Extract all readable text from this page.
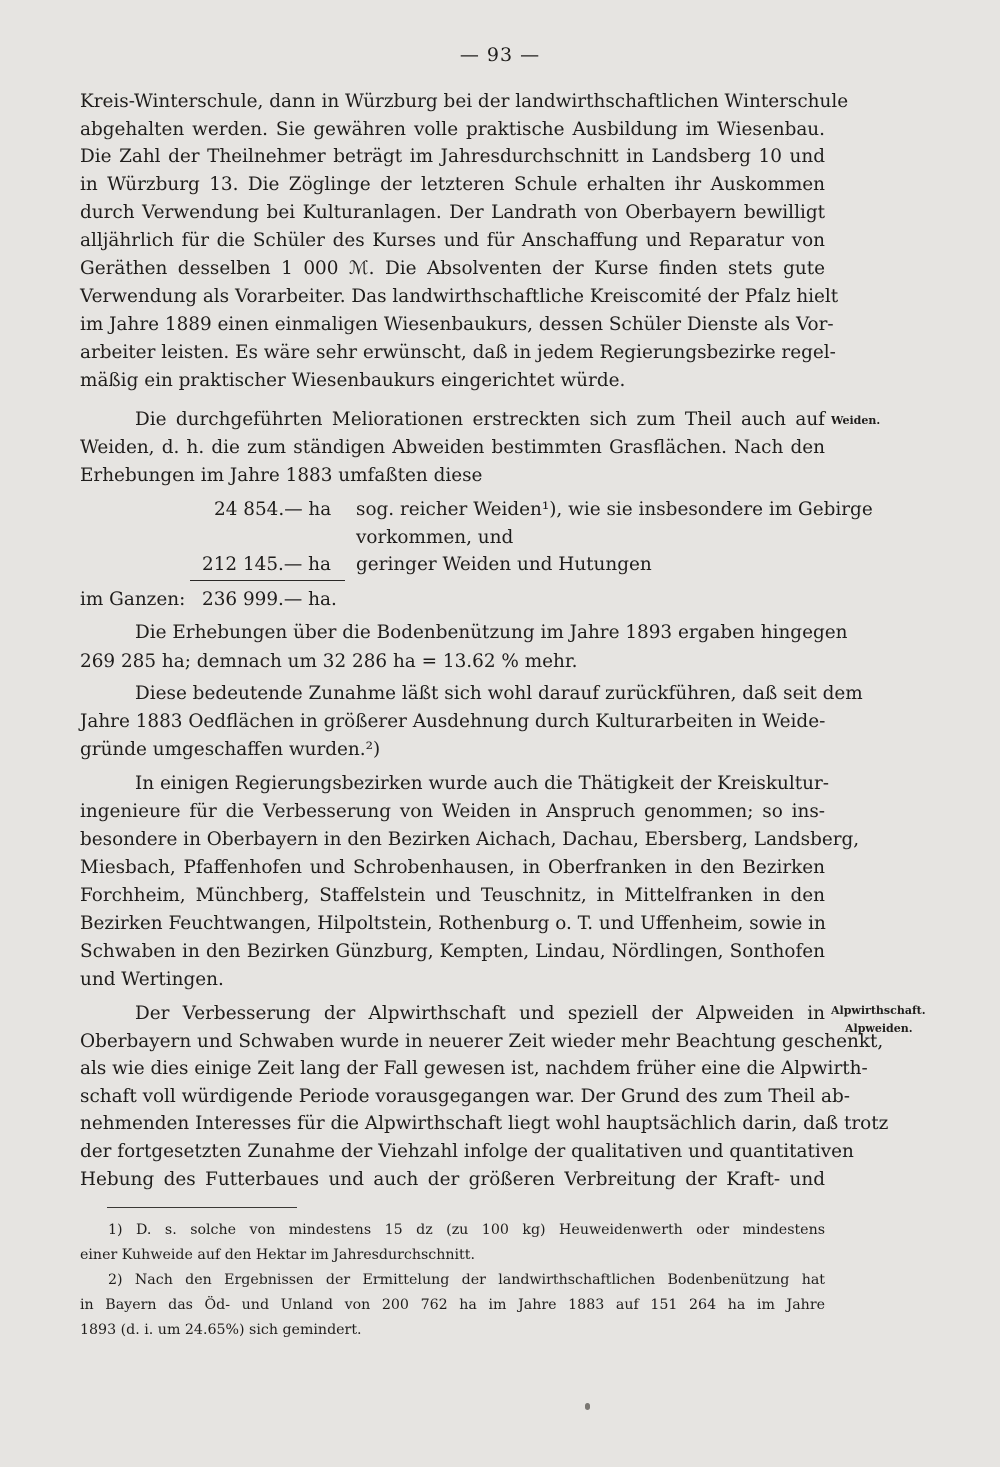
— 93 —
Kreis-Winterschule, dann in Würzburg bei der landwirthschaftlichen Winterschule
abgehalten werden. Sie gewähren volle praktische Ausbildung im Wiesenbau.
Die Zahl der Theilnehmer beträgt im Jahresdurchschnitt in Landsberg 10 und
in Würzburg 13. Die Zöglinge der letzteren Schule erhalten ihr Auskommen
durch Verwendung bei Kulturanlagen. Der Landrath von Oberbayern bewilligt
alljährlich für die Schüler des Kurses und für Anschaffung und Reparatur von
Geräthen desselben 1 000 ℳ. Die Absolventen der Kurse finden stets gute
Verwendung als Vorarbeiter. Das landwirthschaftliche Kreiscomité der Pfalz hielt
im Jahre 1889 einen einmaligen Wiesenbaukurs, dessen Schüler Dienste als Vor-
arbeiter leisten. Es wäre sehr erwünscht, daß in jedem Regierungsbezirke regel-
mäßig ein praktischer Wiesenbaukurs eingerichtet würde.
Die durchgeführten Meliorationen erstreckten sich zum Theil auch auf Weiden.
Weiden, d. h. die zum ständigen Abweiden bestimmten Grasflächen. Nach den
Erhebungen im Jahre 1883 umfaßten diese
24 854.— ha sog. reicher Weiden¹), wie sie insbesondere im Gebirge
vorkommen, und
212 145.— ha geringer Weiden und Hutungen
im Ganzen: 236 999.— ha.
Die Erhebungen über die Bodenbenützung im Jahre 1893 ergaben hingegen
269 285 ha; demnach um 32 286 ha = 13.62 % mehr.
Diese bedeutende Zunahme läßt sich wohl darauf zurückführen, daß seit dem
Jahre 1883 Oedflächen in größerer Ausdehnung durch Kulturarbeiten in Weide-
gründe umgeschaffen wurden.²)
In einigen Regierungsbezirken wurde auch die Thätigkeit der Kreiskultur-
ingenieure für die Verbesserung von Weiden in Anspruch genommen; so ins-
besondere in Oberbayern in den Bezirken Aichach, Dachau, Ebersberg, Landsberg,
Miesbach, Pfaffenhofen und Schrobenhausen, in Oberfranken in den Bezirken
Forchheim, Münchberg, Staffelstein und Teuschnitz, in Mittelfranken in den
Bezirken Feuchtwangen, Hilpoltstein, Rothenburg o. T. und Uffenheim, sowie in
Schwaben in den Bezirken Günzburg, Kempten, Lindau, Nördlingen, Sonthofen
und Wertingen.
Der Verbesserung der Alpwirthschaft und speziell der Alpweiden in Alpwirthschaft.
Alpweiden.
Oberbayern und Schwaben wurde in neuerer Zeit wieder mehr Beachtung geschenkt,
als wie dies einige Zeit lang der Fall gewesen ist, nachdem früher eine die Alpwirth-
schaft voll würdigende Periode vorausgegangen war. Der Grund des zum Theil ab-
nehmenden Interesses für die Alpwirthschaft liegt wohl hauptsächlich darin, daß trotz
der fortgesetzten Zunahme der Viehzahl infolge der qualitativen und quantitativen
Hebung des Futterbaues und auch der größeren Verbreitung der Kraft- und
1) D. s. solche von mindestens 15 dz (zu 100 kg) Heuweidenwerth oder mindestens
einer Kuhweide auf den Hektar im Jahresdurchschnitt.
2) Nach den Ergebnissen der Ermittelung der landwirthschaftlichen Bodenbenützung hat
in Bayern das Öd- und Unland von 200 762 ha im Jahre 1883 auf 151 264 ha im Jahre
1893 (d. i. um 24.65%) sich gemindert.
